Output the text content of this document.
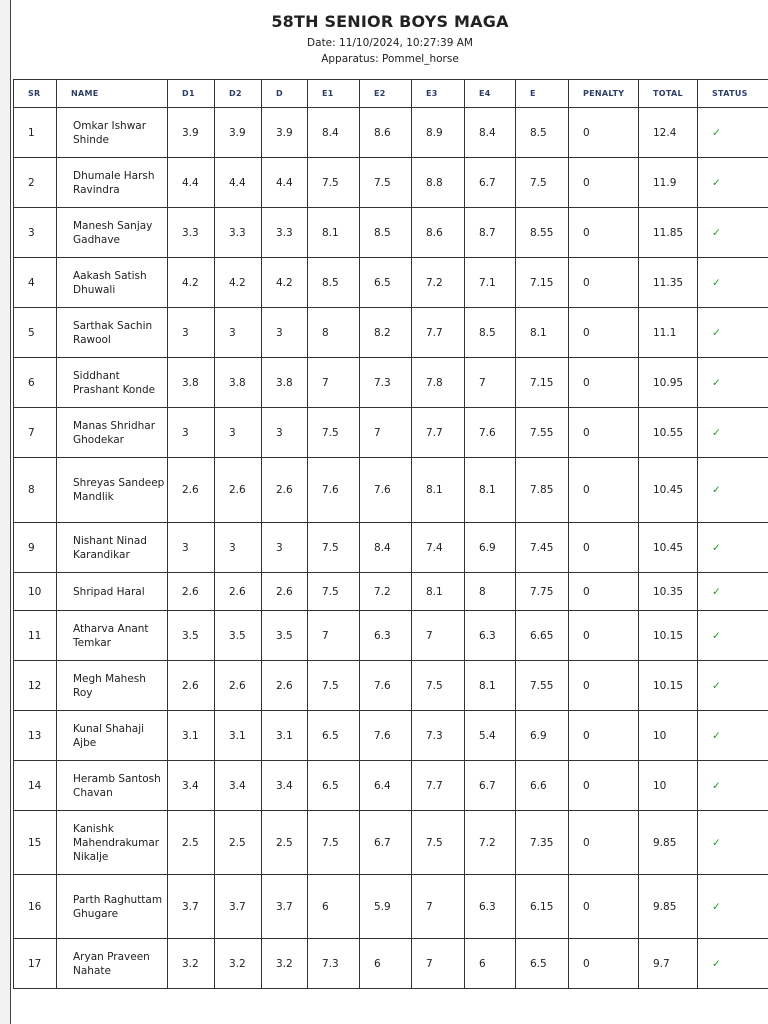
58TH SENIOR BOYS MAGA
Date: 11/10/2024, 10:27:39 AM
Apparatus: Pommel_horse
SR	NAME	D1	D2	D	E1	E2	E3	E4	E	PENALTY	TOTAL	STATUS
1	Omkar Ishwar Shinde	3.9	3.9	3.9	8.4	8.6	8.9	8.4	8.5	0	12.4	✓
2	Dhumale Harsh Ravindra	4.4	4.4	4.4	7.5	7.5	8.8	6.7	7.5	0	11.9	✓
3	Manesh Sanjay Gadhave	3.3	3.3	3.3	8.1	8.5	8.6	8.7	8.55	0	11.85	✓
4	Aakash Satish Dhuwali	4.2	4.2	4.2	8.5	6.5	7.2	7.1	7.15	0	11.35	✓
5	Sarthak Sachin Rawool	3	3	3	8	8.2	7.7	8.5	8.1	0	11.1	✓
6	Siddhant Prashant Konde	3.8	3.8	3.8	7	7.3	7.8	7	7.15	0	10.95	✓
7	Manas Shridhar Ghodekar	3	3	3	7.5	7	7.7	7.6	7.55	0	10.55	✓
8	Shreyas Sandeep Mandlik	2.6	2.6	2.6	7.6	7.6	8.1	8.1	7.85	0	10.45	✓
9	Nishant Ninad Karandikar	3	3	3	7.5	8.4	7.4	6.9	7.45	0	10.45	✓
10	Shripad Haral	2.6	2.6	2.6	7.5	7.2	8.1	8	7.75	0	10.35	✓
11	Atharva Anant Temkar	3.5	3.5	3.5	7	6.3	7	6.3	6.65	0	10.15	✓
12	Megh Mahesh Roy	2.6	2.6	2.6	7.5	7.6	7.5	8.1	7.55	0	10.15	✓
13	Kunal Shahaji Ajbe	3.1	3.1	3.1	6.5	7.6	7.3	5.4	6.9	0	10	✓
14	Heramb Santosh Chavan	3.4	3.4	3.4	6.5	6.4	7.7	6.7	6.6	0	10	✓
15	Kanishk Mahendrakumar Nikalje	2.5	2.5	2.5	7.5	6.7	7.5	7.2	7.35	0	9.85	✓
16	Parth Raghuttam Ghugare	3.7	3.7	3.7	6	5.9	7	6.3	6.15	0	9.85	✓
17	Aryan Praveen Nahate	3.2	3.2	3.2	7.3	6	7	6	6.5	0	9.7	✓
